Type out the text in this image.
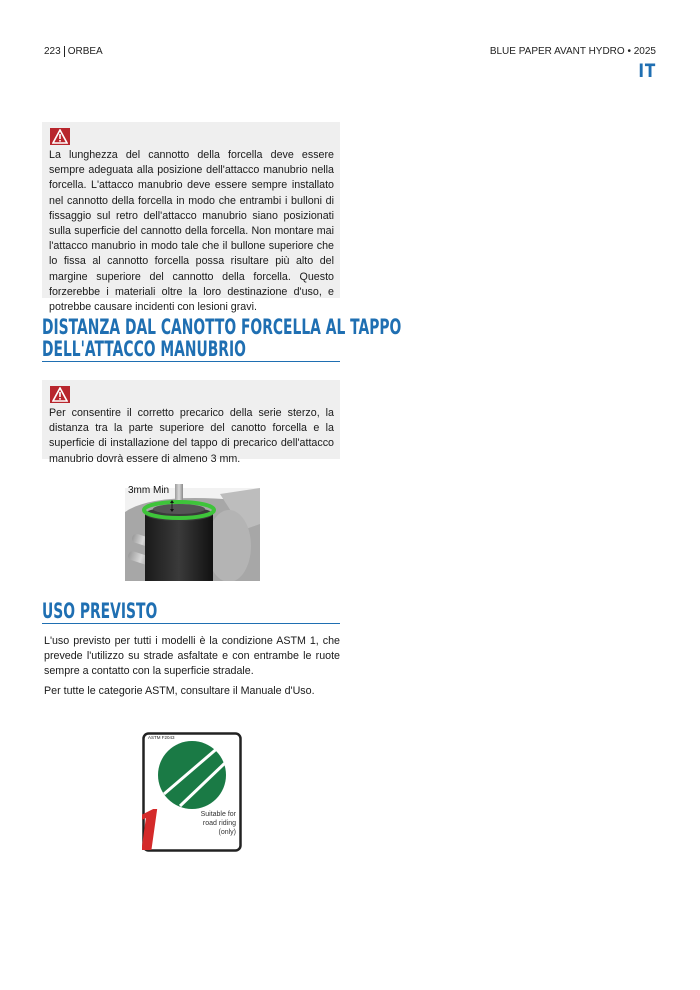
223 ORBEA	BLUE PAPER AVANT HYDRO • 2025
IT

La lunghezza del cannotto della forcella deve essere sempre adeguata alla posizione dell'attacco manubrio nella forcella. L'attacco manubrio deve essere sempre installato nel cannotto della forcella in modo che entrambi i bulloni di fissaggio sul retro dell'attacco manubrio siano posizionati sulla superficie del cannotto della forcella. Non montare mai l'attacco manubrio in modo tale che il bullone superiore che lo fissa al cannotto forcella possa risultare più alto del margine superiore del cannotto della forcella. Questo forzerebbe i materiali oltre la loro destinazione d'uso, e potrebbe causare incidenti con lesioni gravi.

DISTANZA DAL CANOTTO FORCELLA AL TAPPO
DELL'ATTACCO MANUBRIO

Per consentire il corretto precarico della serie sterzo, la distanza tra la parte superiore del canotto forcella e la superficie di installazione del tappo di precarico dell'attacco manubrio dovrà essere di almeno 3 mm.

3mm Min
USO PREVISTO

L'uso previsto per tutti i modelli è la condizione ASTM 1, che prevede l'utilizzo su strade asfaltate e con entrambe le ruote sempre a contatto con la superficie stradale.

Per tutte le categorie ASTM, consultare il Manuale d'Uso.

ASTM F2043
Suitable for
road riding
(only)
